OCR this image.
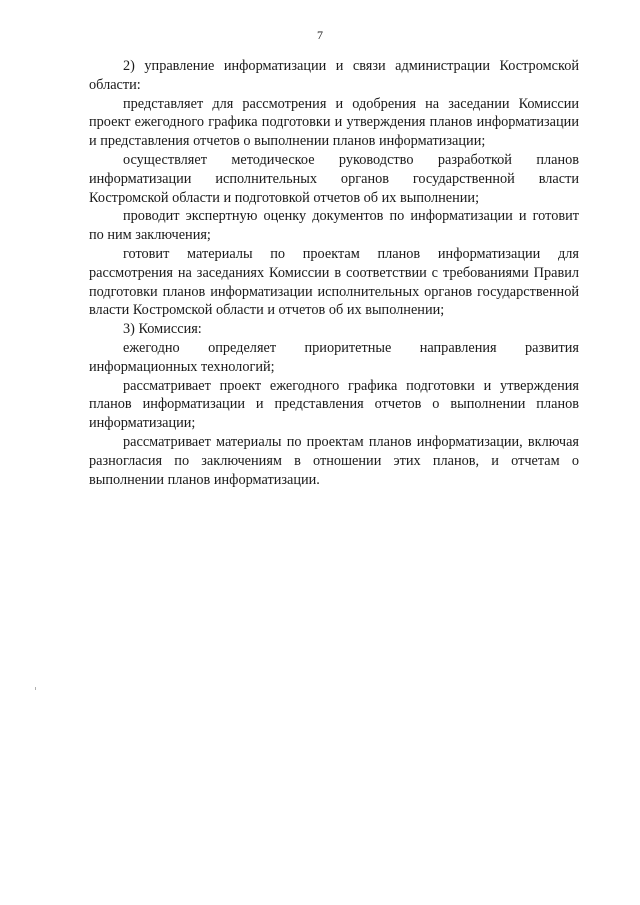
7

2) управление информатизации и связи администрации Костромской области:

представляет для рассмотрения и одобрения на заседании Комиссии проект ежегодного графика подготовки и утверждения планов информатизации и представления отчетов о выполнении планов информатизации;

осуществляет методическое руководство разработкой планов информатизации исполнительных органов государственной власти Костромской области и подготовкой отчетов об их выполнении;

проводит экспертную оценку документов по информатизации и готовит по ним заключения;

готовит материалы по проектам планов информатизации для рассмотрения на заседаниях Комиссии в соответствии с требованиями Правил подготовки планов информатизации исполнительных органов государственной власти Костромской области и отчетов об их выполнении;

3) Комиссия:

ежегодно определяет приоритетные направления развития информационных технологий;

рассматривает проект ежегодного графика подготовки и утверждения планов информатизации и представления отчетов о выполнении планов информатизации;

рассматривает материалы по проектам планов информатизации, включая разногласия по заключениям в отношении этих планов, и отчетам о выполнении планов информатизации.
